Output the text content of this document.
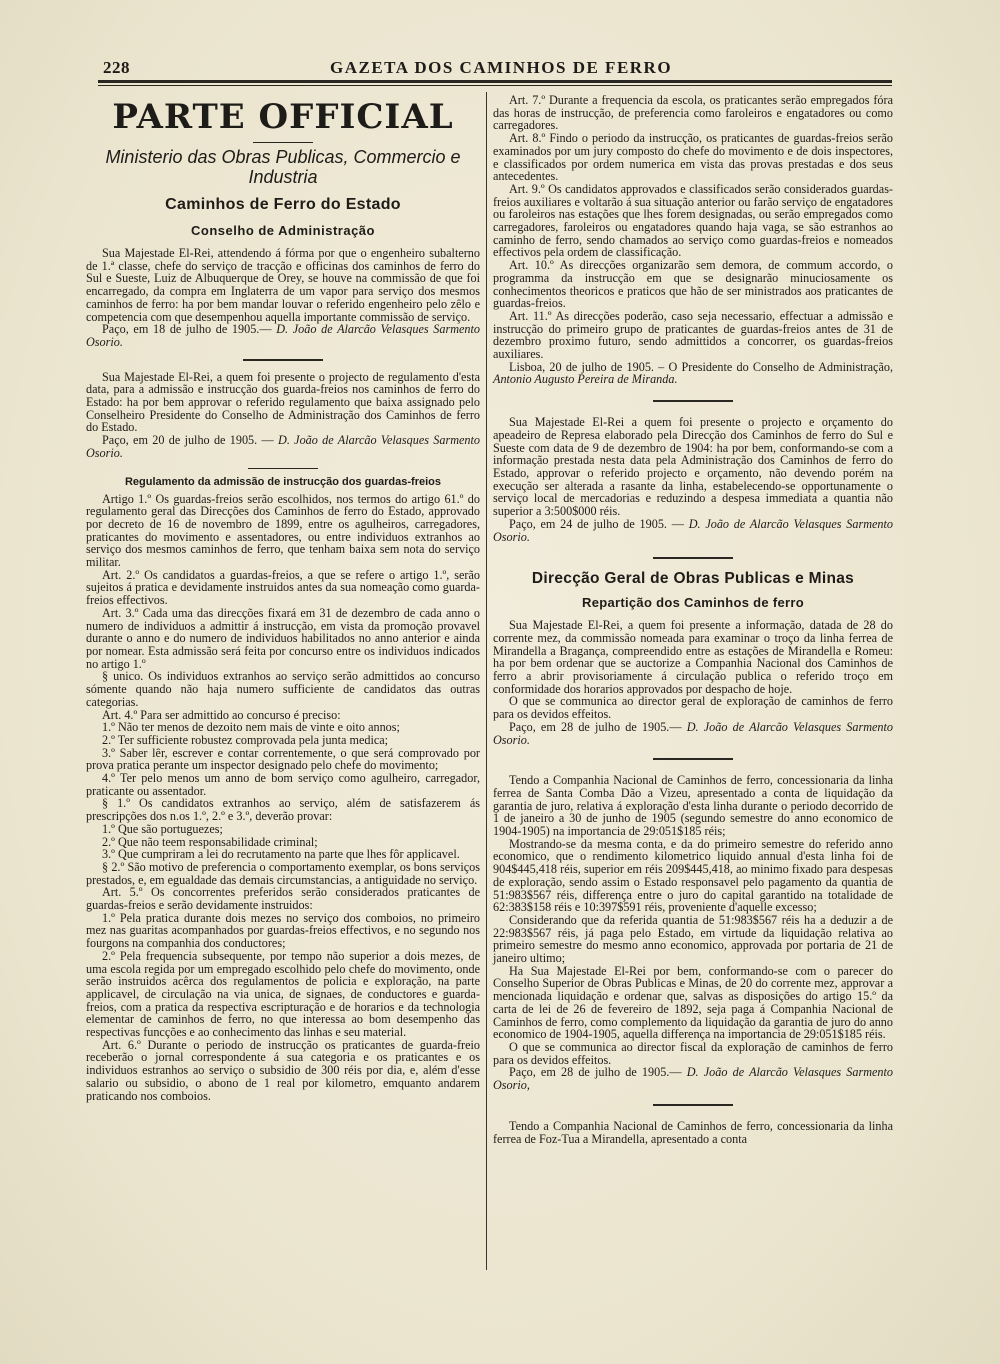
228	GAZETA DOS CAMINHOS DE FERRO
PARTE OFFICIAL
Ministerio das Obras Publicas, Commercio e Industria
Caminhos de Ferro do Estado
Conselho de Administração

Sua Majestade El-Rei, attendendo á fórma por que o engenheiro subalterno de 1.ª classe, chefe do serviço de tracção e officinas dos caminhos de ferro do Sul e Sueste, Luiz de Albuquerque de Orey, se houve na commissão de que foi encarregado, da compra em Inglaterra de um vapor para serviço dos mesmos caminhos de ferro: ha por bem mandar louvar o referido engenheiro pelo zêlo e competencia com que desempenhou aquella importante commissão de serviço.

Paço, em 18 de julho de 1905.— D. João de Alarcão Velasques Sarmento Osorio.

Sua Majestade El-Rei, a quem foi presente o projecto de regulamento d'esta data, para a admissão e instrucção dos guarda-freios nos caminhos de ferro do Estado: ha por bem approvar o referido regulamento que baixa assignado pelo Conselheiro Presidente do Conselho de Administração dos Caminhos de ferro do Estado.

Paço, em 20 de julho de 1905. — D. João de Alarcão Velasques Sarmento Osorio.

Regulamento da admissão de instrucção dos guardas-freios

Artigo 1.º Os guardas-freios serão escolhidos, nos termos do artigo 61.º do regulamento geral das Direcções dos Caminhos de ferro do Estado, approvado por decreto de 16 de novembro de 1899, entre os agulheiros, carregadores, praticantes do movimento e assentadores, ou entre individuos extranhos ao serviço dos mesmos caminhos de ferro, que tenham baixa sem nota do serviço militar.

Art. 2.º Os candidatos a guardas-freios, a que se refere o artigo 1.º, serão sujeitos á pratica e devidamente instruidos antes da sua nomeação como guarda-freios effectivos.

Art. 3.º Cada uma das direcções fixará em 31 de dezembro de cada anno o numero de individuos a admittir á instrucção, em vista da promoção provavel durante o anno e do numero de individuos habilitados no anno anterior e ainda por nomear. Esta admissão será feita por concurso entre os individuos indicados no artigo 1.º

§ unico. Os individuos extranhos ao serviço serão admittidos ao concurso sómente quando não haja numero sufficiente de candidatos das outras categorias.

Art. 4.º Para ser admittido ao concurso é preciso:

1.º Não ter menos de dezoito nem mais de vinte e oito annos;

2.º Ter sufficiente robustez comprovada pela junta medica;

3.º Saber lêr, escrever e contar correntemente, o que será comprovado por prova pratica perante um inspector designado pelo chefe do movimento;

4.º Ter pelo menos um anno de bom serviço como agulheiro, carregador, praticante ou assentador.

§ 1.º Os candidatos extranhos ao serviço, além de satisfazerem ás prescripções dos n.os 1.º, 2.º e 3.º, deverão provar:

1.º Que são portuguezes;

2.º Que não teem responsabilidade criminal;

3.º Que cumpriram a lei do recrutamento na parte que lhes fôr applicavel.

§ 2.º São motivo de preferencia o comportamento exemplar, os bons serviços prestados, e, em egualdade das demais circumstancias, a antiguidade no serviço.

Art. 5.º Os concorrentes preferidos serão considerados praticantes de guardas-freios e serão devidamente instruidos:

1.º Pela pratica durante dois mezes no serviço dos comboios, no primeiro mez nas guaritas acompanhados por guardas-freios effectivos, e no segundo nos fourgons na companhia dos conductores;

2.º Pela frequencia subsequente, por tempo não superior a dois mezes, de uma escola regida por um empregado escolhido pelo chefe do movimento, onde serão instruidos acêrca dos regulamentos de policia e exploração, na parte applicavel, de circulação na via unica, de signaes, de conductores e guarda-freios, com a pratica da respectiva escripturação e de horarios e da technologia elementar de caminhos de ferro, no que interessa ao bom desempenho das respectivas funcções e ao conhecimento das linhas e seu material.

Art. 6.º Durante o periodo de instrucção os praticantes de guarda-freio receberão o jornal correspondente á sua categoria e os praticantes e os individuos estranhos ao serviço o subsidio de 300 réis por dia, e, além d'esse salario ou subsidio, o abono de 1 real por kilometro, emquanto andarem praticando nos comboios.

Art. 7.º Durante a frequencia da escola, os praticantes serão empregados fóra das horas de instrucção, de preferencia como faroleiros e engatadores ou como carregadores.

Art. 8.º Findo o periodo da instrucção, os praticantes de guardas-freios serão examinados por um jury composto do chefe do movimento e de dois inspectores, e classificados por ordem numerica em vista das provas prestadas e dos seus antecedentes.

Art. 9.º Os candidatos approvados e classificados serão considerados guardas-freios auxiliares e voltarão á sua situação anterior ou farão serviço de engatadores ou faroleiros nas estações que lhes forem designadas, ou serão empregados como carregadores, faroleiros ou engatadores quando haja vaga, se são estranhos ao caminho de ferro, sendo chamados ao serviço como guardas-freios e nomeados effectivos pela ordem de classificação.

Art. 10.º As direcções organizarão sem demora, de commum accordo, o programma da instrucção em que se designarão minuciosamente os conhecimentos theoricos e praticos que hão de ser ministrados aos praticantes de guardas-freios.

Art. 11.º As direcções poderão, caso seja necessario, effectuar a admissão e instrucção do primeiro grupo de praticantes de guardas-freios antes de 31 de dezembro proximo futuro, sendo admittidos a concorrer, os guardas-freios auxiliares.

Lisboa, 20 de julho de 1905. – O Presidente do Conselho de Administração, Antonio Augusto Pereira de Miranda.

Sua Majestade El-Rei a quem foi presente o projecto e orçamento do apeadeiro de Represa elaborado pela Direcção dos Caminhos de ferro do Sul e Sueste com data de 9 de dezembro de 1904: ha por bem, conformando-se com a informação prestada nesta data pela Administração dos Caminhos de ferro do Estado, approvar o referido projecto e orçamento, não devendo porém na execução ser alterada a rasante da linha, estabelecendo-se opportunamente o serviço local de mercadorias e reduzindo a despesa immediata a quantia não superior a 3:500$000 réis.

Paço, em 24 de julho de 1905. — D. João de Alarcão Velasques Sarmento Osorio.

Direcção Geral de Obras Publicas e Minas
Repartição dos Caminhos de ferro

Sua Majestade El-Rei, a quem foi presente a informação, datada de 28 do corrente mez, da commissão nomeada para examinar o troço da linha ferrea de Mirandella a Bragança, compreendido entre as estações de Mirandella e Romeu: ha por bem ordenar que se auctorize a Companhia Nacional dos Caminhos de ferro a abrir provisoriamente á circulação publica o referido troço em conformidade dos horarios approvados por despacho de hoje.

O que se communica ao director geral de exploração de caminhos de ferro para os devidos effeitos.

Paço, em 28 de julho de 1905.— D. João de Alarcão Velasques Sarmento Osorio.

Tendo a Companhia Nacional de Caminhos de ferro, concessionaria da linha ferrea de Santa Comba Dão a Vizeu, apresentado a conta de liquidação da garantia de juro, relativa á exploração d'esta linha durante o periodo decorrido de 1 de janeiro a 30 de junho de 1905 (segundo semestre do anno economico de 1904-1905) na importancia de 29:051$185 réis;

Mostrando-se da mesma conta, e da do primeiro semestre do referido anno economico, que o rendimento kilometrico liquido annual d'esta linha foi de 904$445,418 réis, superior em réis 209$445,418, ao minimo fixado para despesas de exploração, sendo assim o Estado responsavel pelo pagamento da quantia de 51:983$567 réis, differença entre o juro do capital garantido na totalidade de 62:383$158 réis e 10:397$591 réis, proveniente d'aquelle excesso;

Considerando que da referida quantia de 51:983$567 réis ha a deduzir a de 22:983$567 réis, já paga pelo Estado, em virtude da liquidação relativa ao primeiro semestre do mesmo anno economico, approvada por portaria de 21 de janeiro ultimo;

Ha Sua Majestade El-Rei por bem, conformando-se com o parecer do Conselho Superior de Obras Publicas e Minas, de 20 do corrente mez, approvar a mencionada liquidação e ordenar que, salvas as disposições do artigo 15.º da carta de lei de 26 de fevereiro de 1892, seja paga á Companhia Nacional de Caminhos de ferro, como complemento da liquidação da garantia de juro do anno economico de 1904-1905, aquella differença na importancia de 29:051$185 réis.

O que se communica ao director fiscal da exploração de caminhos de ferro para os devidos effeitos.

Paço, em 28 de julho de 1905.— D. João de Alarcão Velasques Sarmento Osorio,

Tendo a Companhia Nacional de Caminhos de ferro, concessionaria da linha ferrea de Foz-Tua a Mirandella, apresentado a conta
